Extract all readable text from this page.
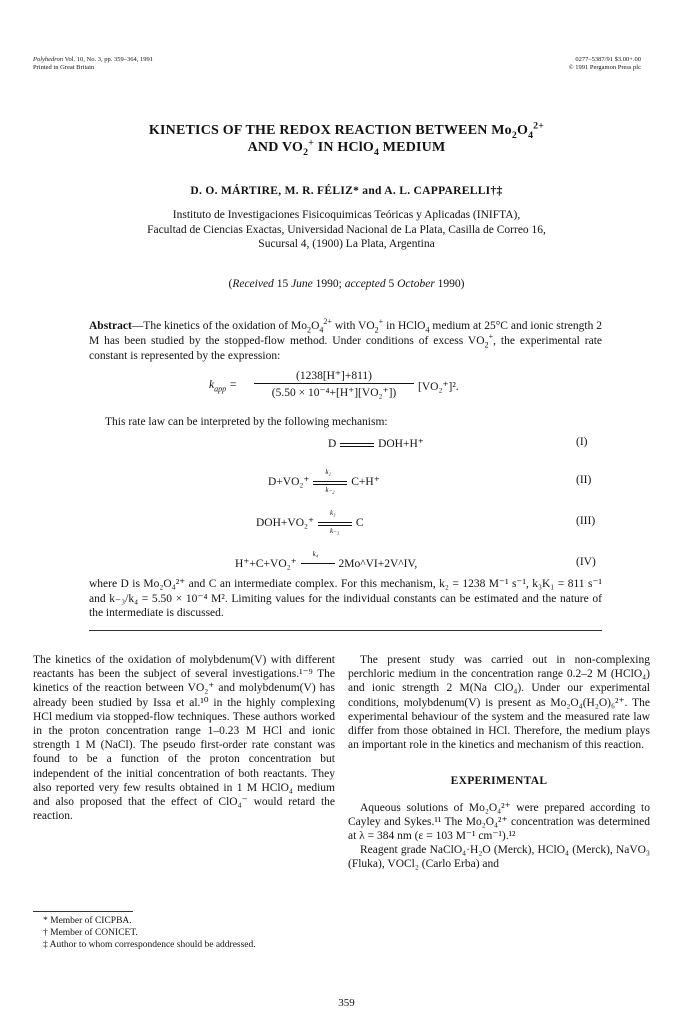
Polyhedron Vol. 10, No. 3, pp. 359–364, 1991
Printed in Great Britain
0277–5387/91 $3.00+.00
© 1991 Pergamon Press plc
KINETICS OF THE REDOX REACTION BETWEEN $Mo_2O_4^{2+}$
AND $VO_2^+$ IN HClO$_4$ MEDIUM
D. O. MÁRTIRE, M. R. FÉLIZ* and A. L. CAPPARELLI†‡
Instituto de Investigaciones Fisicoquimicas Teóricas y Aplicadas (INIFTA),
Facultad de Ciencias Exactas, Universidad Nacional de La Plata, Casilla de Correo 16,
Sucursal 4, (1900) La Plata, Argentina
(Received 15 June 1990; accepted 5 October 1990)
Abstract—The kinetics of the oxidation of $Mo_2O_4^{2+}$ with $VO_2^+$ in HClO$_4$ medium at 25°C and ionic strength 2 M has been studied by the stopped-flow method. Under conditions of excess $VO_2^+$, the experimental rate constant is represented by the expression:
$k_{app}$ =
(1238[H⁺]+811)
(5.50 × 10⁻⁴+[H⁺][VO₂⁺])	[VO₂⁺]².
This rate law can be interpreted by the following mechanism:
D	DOH+H⁺	(I)
$D+VO_2^+ \frac{\text{k₂}}{\text{k₋₂}} C+H^+$	(II)
$DOH+VO_2^+ \frac{\text{k₃}}{\text{k₋₃}}$ C	(III)
H⁺+C+VO₂⁺
k₄
2Mo^VI+2V^IV,	(IV)
where D is Mo₂O₄²⁺ and C an intermediate complex. For this mechanism, k₂ = 1238 M⁻¹ s⁻¹, k₃K₁ = 811 s⁻¹ and k₋₃/k₄ = 5.50 × 10⁻⁴ M². Limiting values for the individual constants can be estimated and the nature of the intermediate is discussed.

The kinetics of the oxidation of molybdenum(V) with different reactants has been the subject of several investigations.¹⁻⁹ The kinetics of the reaction between VO₂⁺ and molybdenum(V) has already been studied by Issa et al.¹⁰ in the highly complexing HCl medium via stopped-flow techniques. These authors worked in the proton concentration range 1–0.23 M HCl and ionic strength 1 M (NaCl). The pseudo first-order rate constant was found to be a function of the proton concentration but independent of the initial concentration of both reactants. They also reported very few results obtained in 1 M HClO₄ medium and also proposed that the effect of ClO₄⁻ would retard the reaction.

The present study was carried out in non-complexing perchloric medium in the concentration range 0.2–2 M (HClO₄) and ionic strength 2 M(Na ClO₄). Under our experimental conditions, molybdenum(V) is present as Mo₂O₄(H₂O)₆²⁺. The experimental behaviour of the system and the measured rate law differ from those obtained in HCl. Therefore, the medium plays an important role in the kinetics and mechanism of this reaction.

EXPERIMENTAL

Aqueous solutions of Mo₂O₄²⁺ were prepared according to Cayley and Sykes.¹¹ The Mo₂O₄²⁺ concentration was determined at λ = 384 nm (ε = 103 M⁻¹ cm⁻¹).¹²

Reagent grade NaClO₄·H₂O (Merck), HClO₄ (Merck), NaVO₃ (Fluka), VOCl₂ (Carlo Erba) and

* Member of CICPBA.
† Member of CONICET.
‡ Author to whom correspondence should be addressed.
359
